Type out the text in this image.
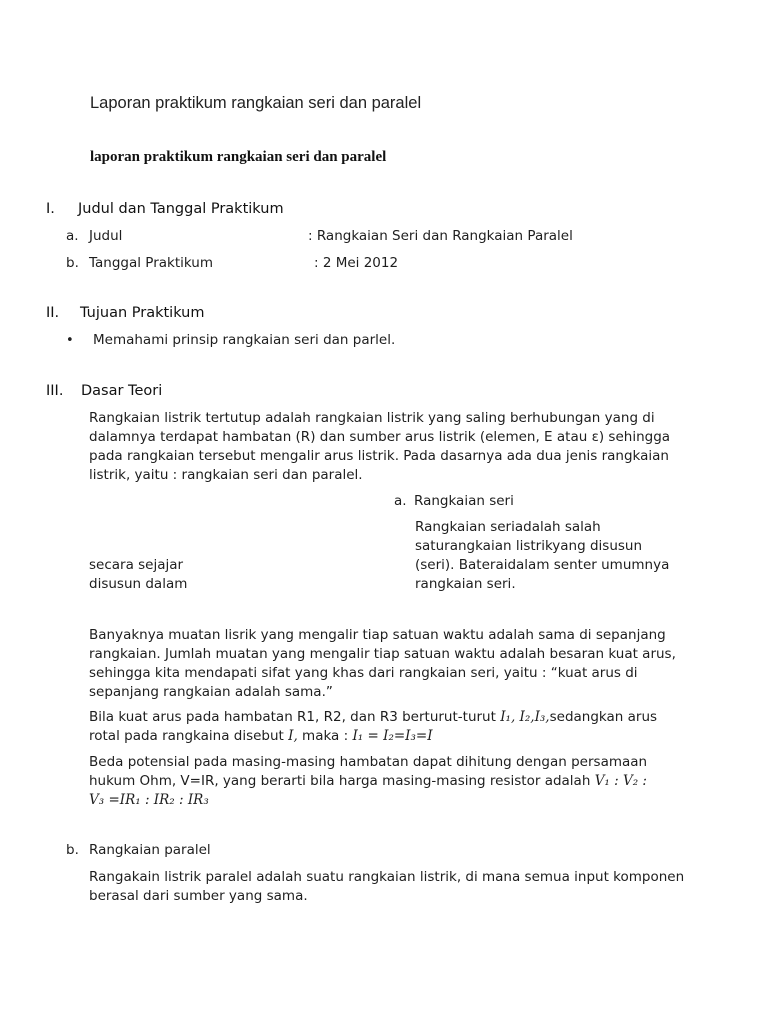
Laporan praktikum rangkaian seri dan paralel
laporan praktikum rangkaian seri dan paralel
I. Judul dan Tanggal Praktikum
a. Judul	: Rangkaian Seri dan Rangkaian Paralel
b. Tanggal Praktikum	: 2 Mei 2012
II. Tujuan Praktikum
• Memahami prinsip rangkaian seri dan parlel.
III. Dasar Teori
Rangkaian listrik tertutup adalah rangkaian listrik yang saling berhubungan yang di
dalamnya terdapat hambatan (R) dan sumber arus listrik (elemen, E atau ε) sehingga
pada rangkaian tersebut mengalir arus listrik. Pada dasarnya ada dua jenis rangkaian
listrik, yaitu : rangkaian seri dan paralel.
a. Rangkaian seri
Rangkaian seriadalah salah
saturangkaian listrikyang disusun
(seri). Bateraidalam senter umumnya
rangkaian seri.
secara sejajar
disusun dalam
Banyaknya muatan lisrik yang mengalir tiap satuan waktu adalah sama di sepanjang
rangkaian. Jumlah muatan yang mengalir tiap satuan waktu adalah besaran kuat arus,
sehingga kita mendapati sifat yang khas dari rangkaian seri, yaitu : “kuat arus di
sepanjang rangkaian adalah sama.”
Bila kuat arus pada hambatan R1, R2, dan R3 berturut-turut I₁, I₂,I₃,sedangkan arus
rotal pada rangkaina disebut I, maka : I₁ = I₂=I₃=I
Beda potensial pada masing-masing hambatan dapat dihitung dengan persamaan
hukum Ohm, V=IR, yang berarti bila harga masing-masing resistor adalah V₁ : V₂ :
V₃ =IR₁ : IR₂ : IR₃
b. Rangkaian paralel
Rangakain listrik paralel adalah suatu rangkaian listrik, di mana semua input komponen
berasal dari sumber yang sama.
